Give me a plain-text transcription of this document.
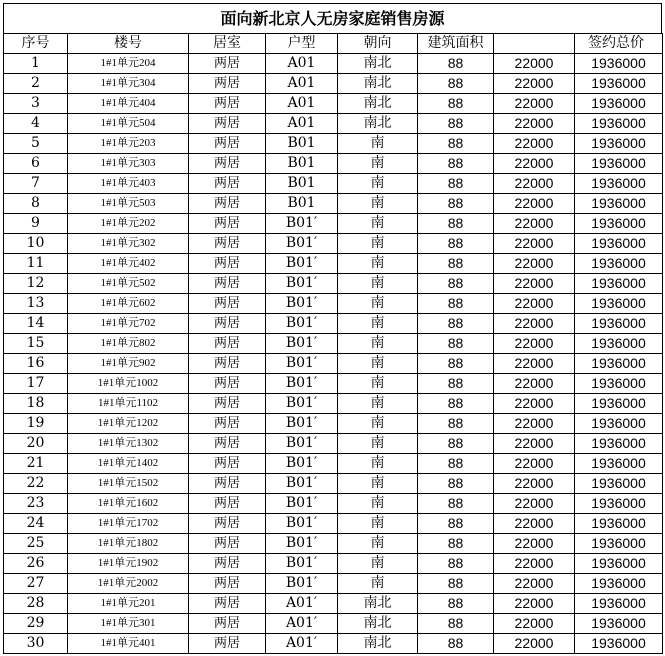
面向新北京人无房家庭销售房源
序号	楼号	居室	户型	朝向	建筑面积		签约总价
1	1#1单元204	两居	A01	南北	88	22000	1936000
2	1#1单元304	两居	A01	南北	88	22000	1936000
3	1#1单元404	两居	A01	南北	88	22000	1936000
4	1#1单元504	两居	A01	南北	88	22000	1936000
5	1#1单元203	两居	B01	南	88	22000	1936000
6	1#1单元303	两居	B01	南	88	22000	1936000
7	1#1单元403	两居	B01	南	88	22000	1936000
8	1#1单元503	两居	B01	南	88	22000	1936000
9	1#1单元202	两居	B01′	南	88	22000	1936000
10	1#1单元302	两居	B01′	南	88	22000	1936000
11	1#1单元402	两居	B01′	南	88	22000	1936000
12	1#1单元502	两居	B01′	南	88	22000	1936000
13	1#1单元602	两居	B01′	南	88	22000	1936000
14	1#1单元702	两居	B01′	南	88	22000	1936000
15	1#1单元802	两居	B01′	南	88	22000	1936000
16	1#1单元902	两居	B01′	南	88	22000	1936000
17	1#1单元1002	两居	B01′	南	88	22000	1936000
18	1#1单元1102	两居	B01′	南	88	22000	1936000
19	1#1单元1202	两居	B01′	南	88	22000	1936000
20	1#1单元1302	两居	B01′	南	88	22000	1936000
21	1#1单元1402	两居	B01′	南	88	22000	1936000
22	1#1单元1502	两居	B01′	南	88	22000	1936000
23	1#1单元1602	两居	B01′	南	88	22000	1936000
24	1#1单元1702	两居	B01′	南	88	22000	1936000
25	1#1单元1802	两居	B01′	南	88	22000	1936000
26	1#1单元1902	两居	B01′	南	88	22000	1936000
27	1#1单元2002	两居	B01′	南	88	22000	1936000
28	1#1单元201	两居	A01′	南北	88	22000	1936000
29	1#1单元301	两居	A01′	南北	88	22000	1936000
30	1#1单元401	两居	A01′	南北	88	22000	1936000
